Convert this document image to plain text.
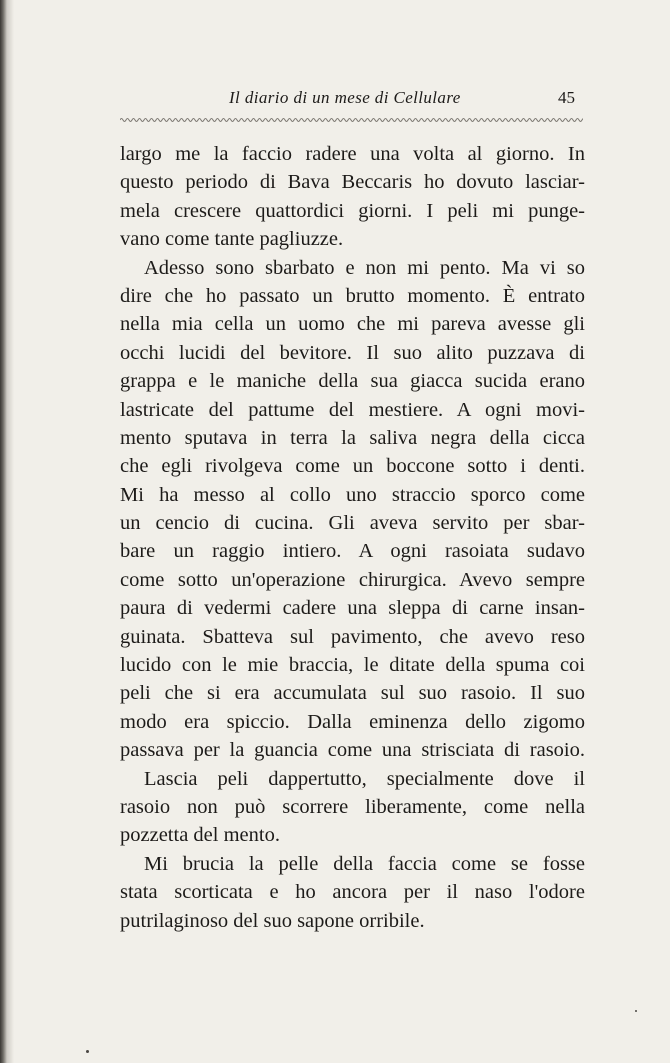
Il diario di un mese di Cellulare	45
largo me la faccio radere una volta al giorno. In
questo periodo di Bava Beccaris ho dovuto lasciar-
mela crescere quattordici giorni. I peli mi punge-
vano come tante pagliuzze.
Adesso sono sbarbato e non mi pento. Ma vi so
dire che ho passato un brutto momento. È entrato
nella mia cella un uomo che mi pareva avesse gli
occhi lucidi del bevitore. Il suo alito puzzava di
grappa e le maniche della sua giacca sucida erano
lastricate del pattume del mestiere. A ogni movi-
mento sputava in terra la saliva negra della cicca
che egli rivolgeva come un boccone sotto i denti.
Mi ha messo al collo uno straccio sporco come
un cencio di cucina. Gli aveva servito per sbar-
bare un raggio intiero. A ogni rasoiata sudavo
come sotto un'operazione chirurgica. Avevo sempre
paura di vedermi cadere una sleppa di carne insan-
guinata. Sbatteva sul pavimento, che avevo reso
lucido con le mie braccia, le ditate della spuma coi
peli che si era accumulata sul suo rasoio. Il suo
modo era spiccio. Dalla eminenza dello zigomo
passava per la guancia come una strisciata di rasoio.
Lascia peli dappertutto, specialmente dove il
rasoio non può scorrere liberamente, come nella
pozzetta del mento.
Mi brucia la pelle della faccia come se fosse
stata scorticata e ho ancora per il naso l'odore
putrilaginoso del suo sapone orribile.
